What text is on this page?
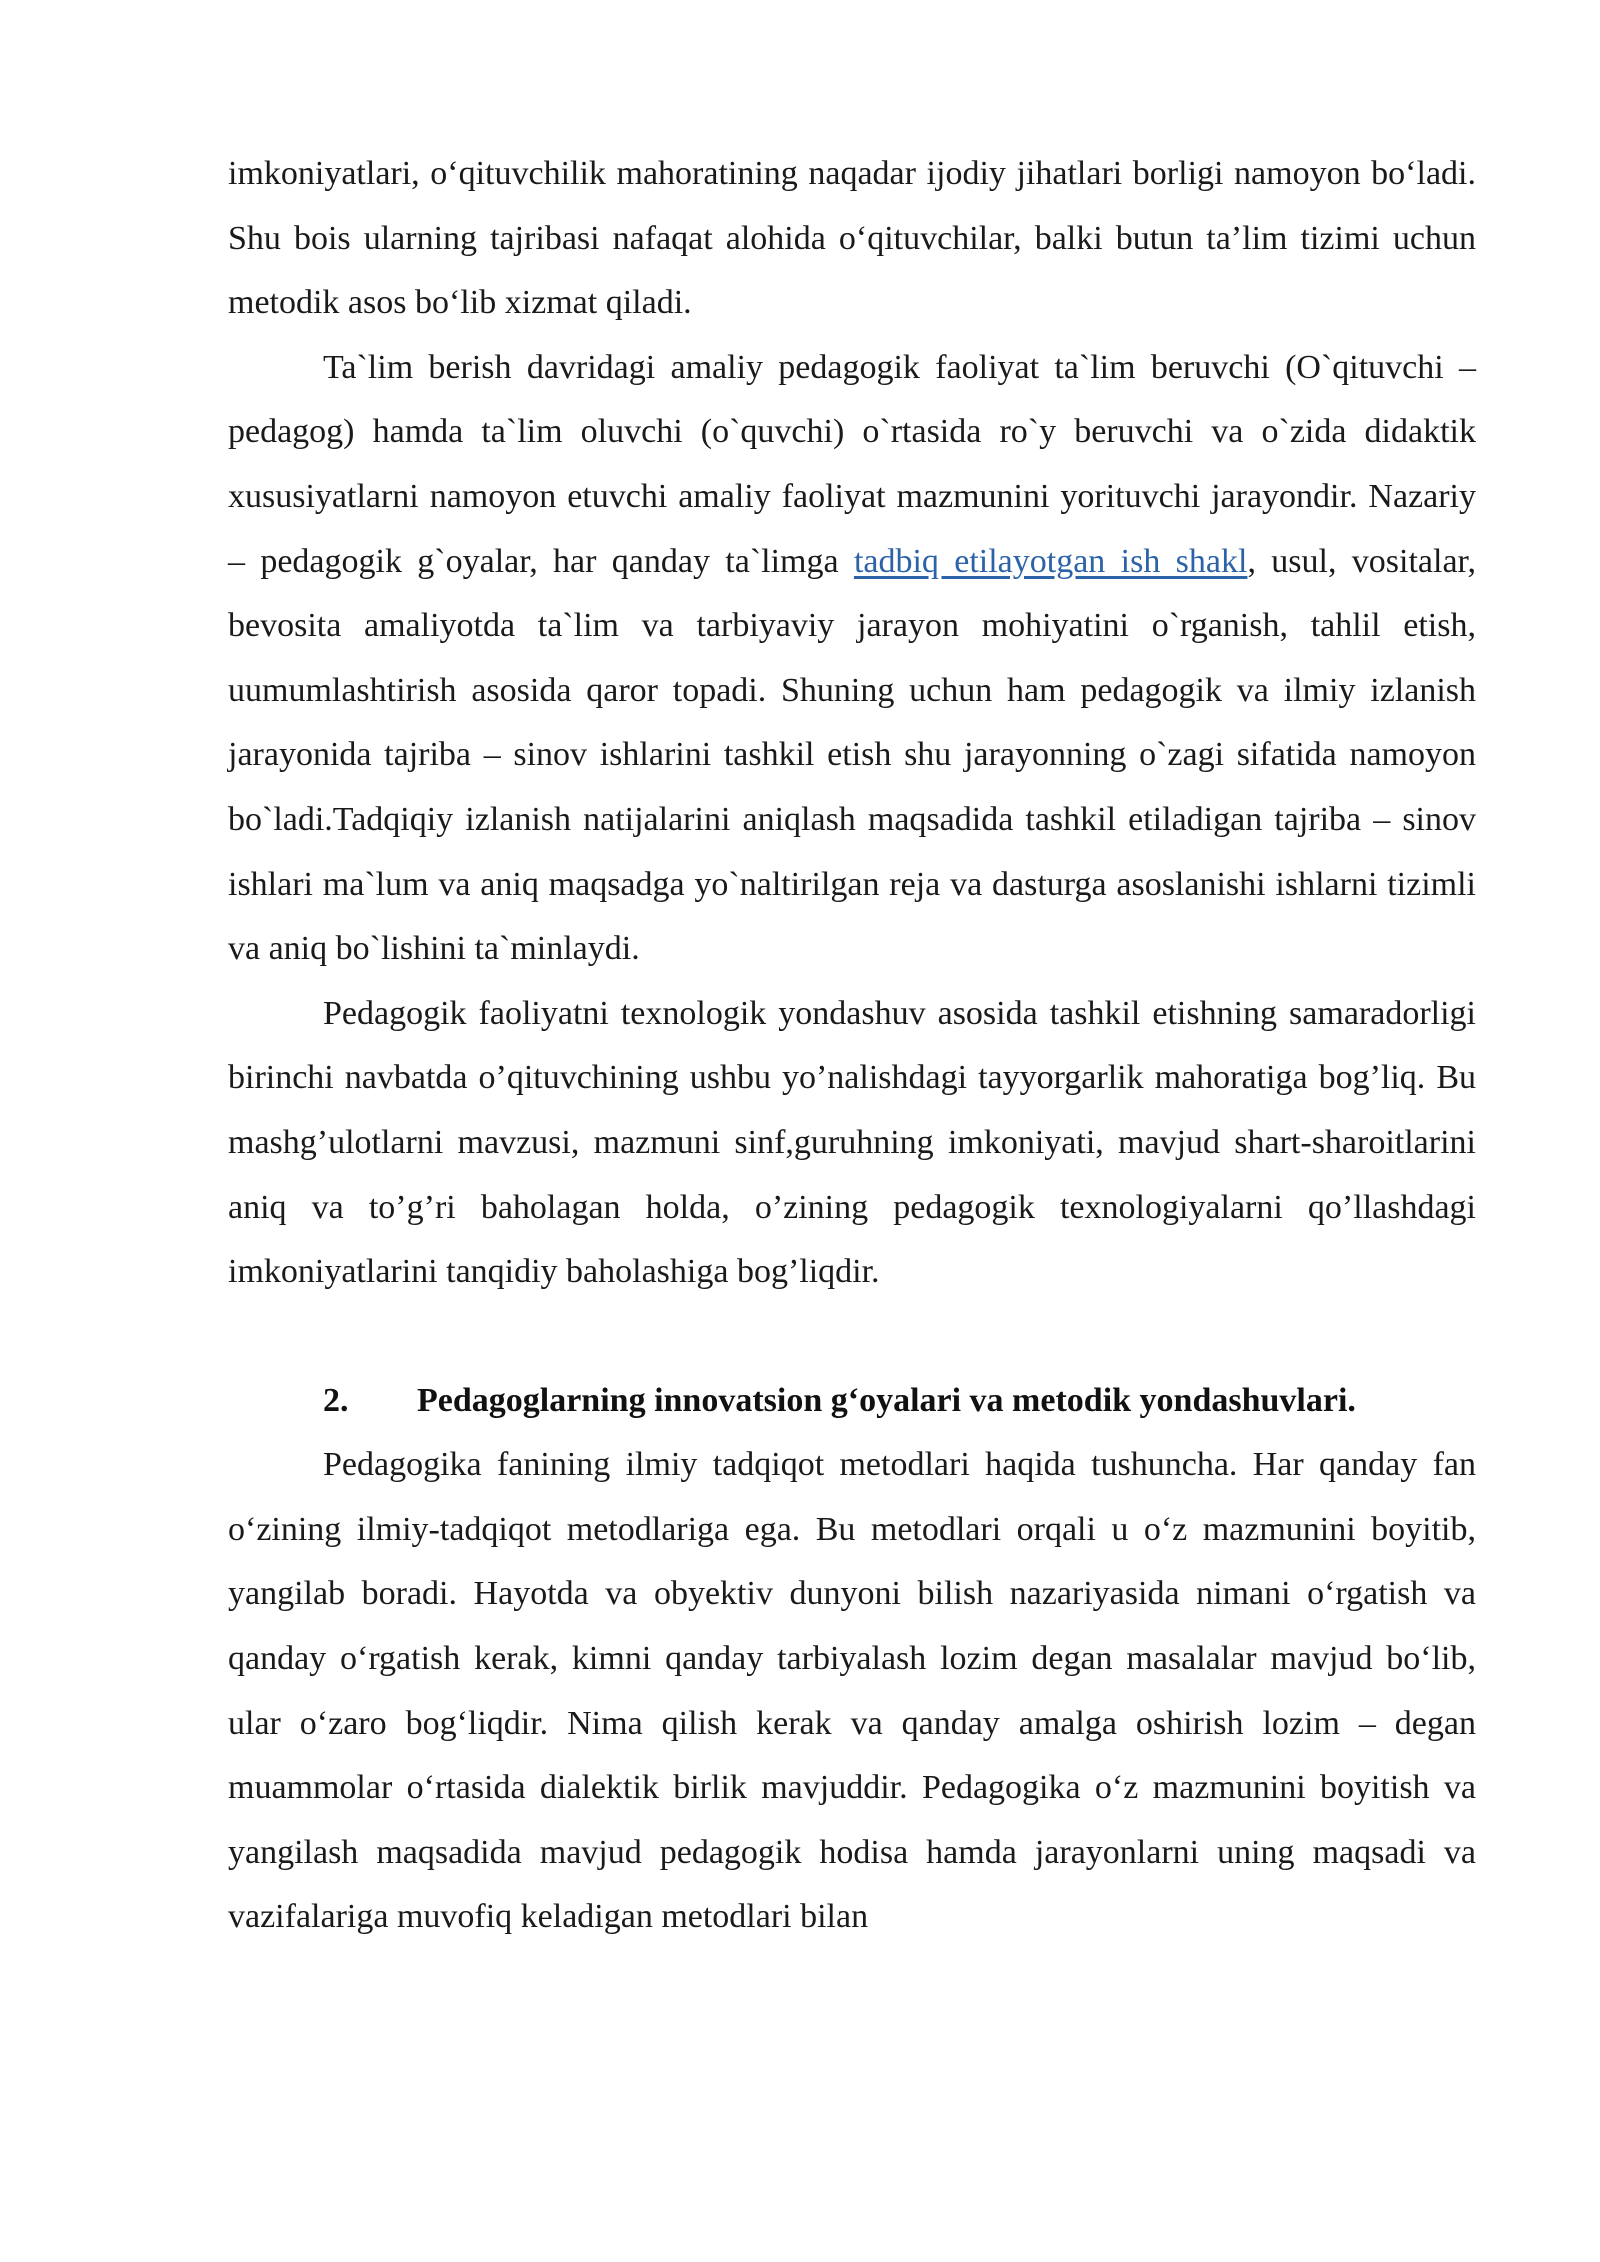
imkoniyatlari, o‘qituvchilik mahoratining naqadar ijodiy jihatlari borligi namoyon bo‘ladi. Shu bois ularning tajribasi nafaqat alohida o‘qituvchilar, balki butun ta’lim tizimi uchun metodik asos bo‘lib xizmat qiladi.

Ta`lim berish davridagi amaliy pedagogik faoliyat ta`lim beruvchi (O`qituvchi – pedagog) hamda ta`lim oluvchi (o`quvchi) o`rtasida ro`y beruvchi va o`zida didaktik xususiyatlarni namoyon etuvchi amaliy faoliyat mazmunini yorituvchi jarayondir. Nazariy – pedagogik g`oyalar, har qanday ta`limga tadbiq etilayotgan ish shakl, usul, vositalar, bevosita amaliyotda ta`lim va tarbiyaviy jarayon mohiyatini o`rganish, tahlil etish, uumumlashtirish asosida qaror topadi. Shuning uchun ham pedagogik va ilmiy izlanish jarayonida tajriba – sinov ishlarini tashkil etish shu jarayonning o`zagi sifatida namoyon bo`ladi.Tadqiqiy izlanish natijalarini aniqlash maqsadida tashkil etiladigan tajriba – sinov ishlari ma`lum va aniq maqsadga yo`naltirilgan reja va dasturga asoslanishi ishlarni tizimli va aniq bo`lishini ta`minlaydi.

Pedagogik faoliyatni texnologik yondashuv asosida tashkil etishning samaradorligi birinchi navbatda o’qituvchining ushbu yo’nalishdagi tayyorgarlik mahoratiga bog’liq. Bu mashg’ulotlarni mavzusi, mazmuni sinf,guruhning imkoniyati, mavjud shart-sharoitlarini aniq va to’g’ri baholagan holda, o’zining pedagogik texnologiyalarni qo’llashdagi imkoniyatlarini tanqidiy baholashiga bog’liqdir.

2.	Pedagoglarning innovatsion g‘oyalari va metodik yondashuvlari.

Pedagogika fanining ilmiy tadqiqot metodlari haqida tushuncha. Har qanday fan o‘zining ilmiy-tadqiqot metodlariga ega. Bu metodlari orqali u o‘z mazmunini boyitib, yangilab boradi. Hayotda va obyektiv dunyoni bilish nazariyasida nimani o‘rgatish va qanday o‘rgatish kerak, kimni qanday tarbiyalash lozim degan masalalar mavjud bo‘lib, ular o‘zaro bog‘liqdir. Nima qilish kerak va qanday amalga oshirish lozim – degan muammolar o‘rtasida dialektik birlik mavjuddir. Pedagogika o‘z mazmunini boyitish va yangilash maqsadida mavjud pedagogik hodisa hamda jarayonlarni uning maqsadi va vazifalariga muvofiq keladigan metodlari bilan
